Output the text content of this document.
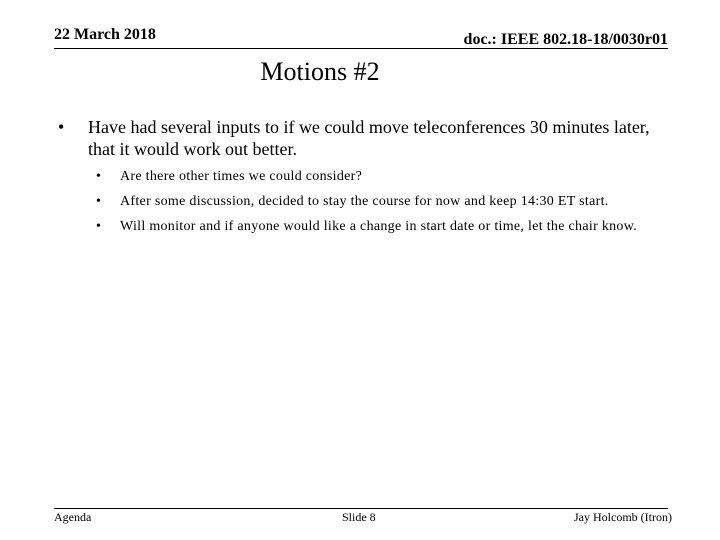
22 March 2018	doc.: IEEE 802.18-18/0030r01
Motions #2
• Have had several inputs to if we could move teleconferences 30 minutes later, that it would work out better.
• Are there other times we could consider?
• After some discussion, decided to stay the course for now and keep 14:30 ET start.
• Will monitor and if anyone would like a change in start date or time, let the chair know.
Agenda	Slide 8	Jay Holcomb (Itron)
